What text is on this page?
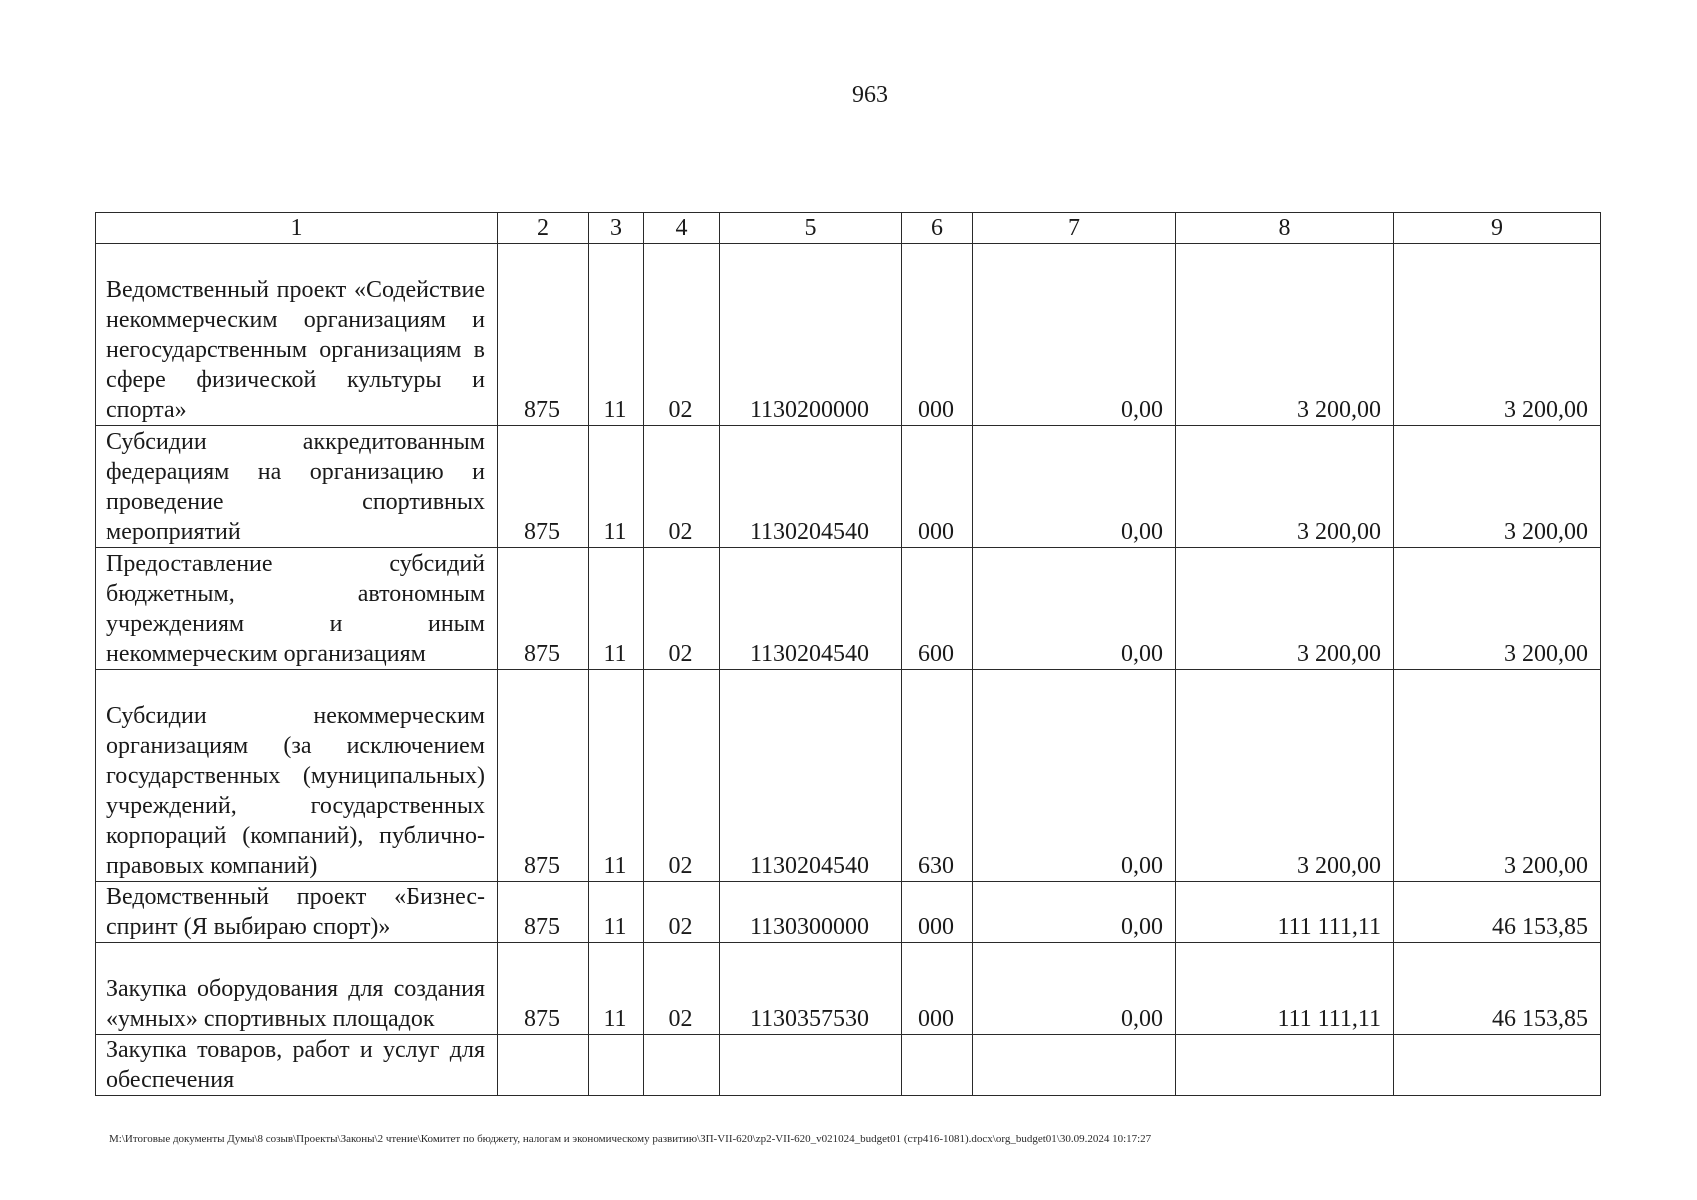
963
1	2	3	4	5	6	7	8	9
Ведомственный проект «Содействие некоммерческим организациям и негосударственным организациям в сфере физической культуры и спорта»	875	11	02	1130200000	000	0,00	3 200,00	3 200,00
Субсидии аккредитованным федерациям на организацию и проведение спортивных мероприятий	875	11	02	1130204540	000	0,00	3 200,00	3 200,00
Предоставление субсидий бюджетным, автономным учреждениям и иным некоммерческим организациям	875	11	02	1130204540	600	0,00	3 200,00	3 200,00
Субсидии некоммерческим организациям (за исключением государственных (муниципальных) учреждений, государственных корпораций (компаний), публично-правовых компаний)	875	11	02	1130204540	630	0,00	3 200,00	3 200,00
Ведомственный проект «Бизнес-спринт (Я выбираю спорт)»	875	11	02	1130300000	000	0,00	111 111,11	46 153,85
Закупка оборудования для создания «умных» спортивных площадок	875	11	02	1130357530	000	0,00	111 111,11	46 153,85
Закупка товаров, работ и услуг для обеспечения								
M:\Итоговые документы Думы\8 созыв\Проекты\Законы\2 чтение\Комитет по бюджету, налогам и экономическому развитию\ЗП-VII-620\zp2-VII-620_v021024_budget01 (стр416-1081).docx\org_budget01\30.09.2024 10:17:27
